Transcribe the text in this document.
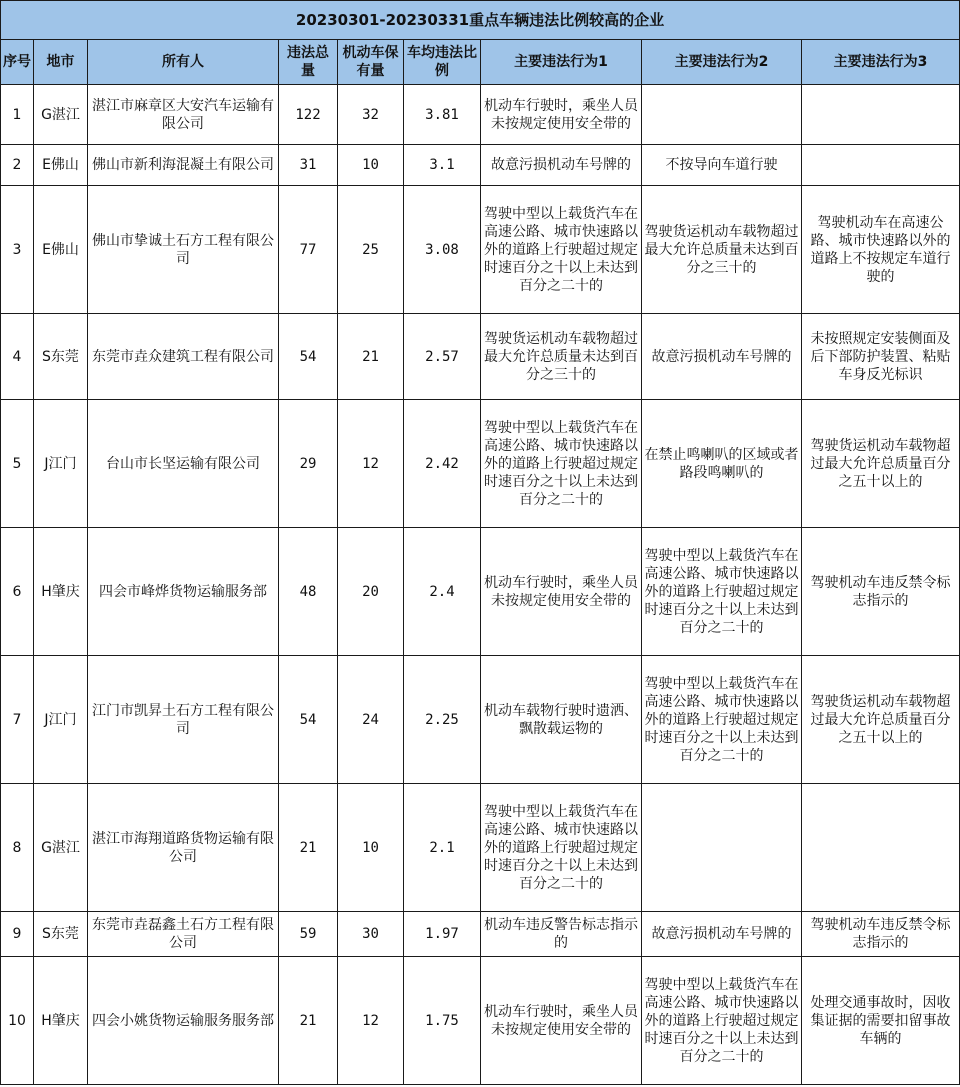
20230301-20230331重点车辆违法比例较高的企业								
序号	地市	所有人	违法总量	机动车保有量	车均违法比例	主要违法行为1	主要违法行为2	主要违法行为3
1	G湛江	湛江市麻章区大安汽车运输有限公司	122	32	3.81	机动车行驶时，乘坐人员未按规定使用安全带的		
2	E佛山	佛山市新利海混凝土有限公司	31	10	3.1	故意污损机动车号牌的	不按导向车道行驶	
3	E佛山	佛山市挚诚土石方工程有限公司	77	25	3.08	驾驶中型以上载货汽车在高速公路、城市快速路以外的道路上行驶超过规定时速百分之十以上未达到百分之二十的	驾驶货运机动车载物超过最大允许总质量未达到百分之三十的	驾驶机动车在高速公路、城市快速路以外的道路上不按规定车道行驶的
4	S东莞	东莞市垚众建筑工程有限公司	54	21	2.57	驾驶货运机动车载物超过最大允许总质量未达到百分之三十的	故意污损机动车号牌的	未按照规定安装侧面及后下部防护装置、粘贴车身反光标识
5	J江门	台山市长坚运输有限公司	29	12	2.42	驾驶中型以上载货汽车在高速公路、城市快速路以外的道路上行驶超过规定时速百分之十以上未达到百分之二十的	在禁止鸣喇叭的区域或者路段鸣喇叭的	驾驶货运机动车载物超过最大允许总质量百分之五十以上的
6	H肇庆	四会市峰烨货物运输服务部	48	20	2.4	机动车行驶时，乘坐人员未按规定使用安全带的	驾驶中型以上载货汽车在高速公路、城市快速路以外的道路上行驶超过规定时速百分之十以上未达到百分之二十的	驾驶机动车违反禁令标志指示的
7	J江门	江门市凯昇土石方工程有限公司	54	24	2.25	机动车载物行驶时遗洒、飘散载运物的	驾驶中型以上载货汽车在高速公路、城市快速路以外的道路上行驶超过规定时速百分之十以上未达到百分之二十的	驾驶货运机动车载物超过最大允许总质量百分之五十以上的
8	G湛江	湛江市海翔道路货物运输有限公司	21	10	2.1	驾驶中型以上载货汽车在高速公路、城市快速路以外的道路上行驶超过规定时速百分之十以上未达到百分之二十的		
9	S东莞	东莞市垚磊鑫土石方工程有限公司	59	30	1.97	机动车违反警告标志指示的	故意污损机动车号牌的	驾驶机动车违反禁令标志指示的
10	H肇庆	四会小姚货物运输服务服务部	21	12	1.75	机动车行驶时，乘坐人员未按规定使用安全带的	驾驶中型以上载货汽车在高速公路、城市快速路以外的道路上行驶超过规定时速百分之十以上未达到百分之二十的	处理交通事故时，因收集证据的需要扣留事故车辆的
